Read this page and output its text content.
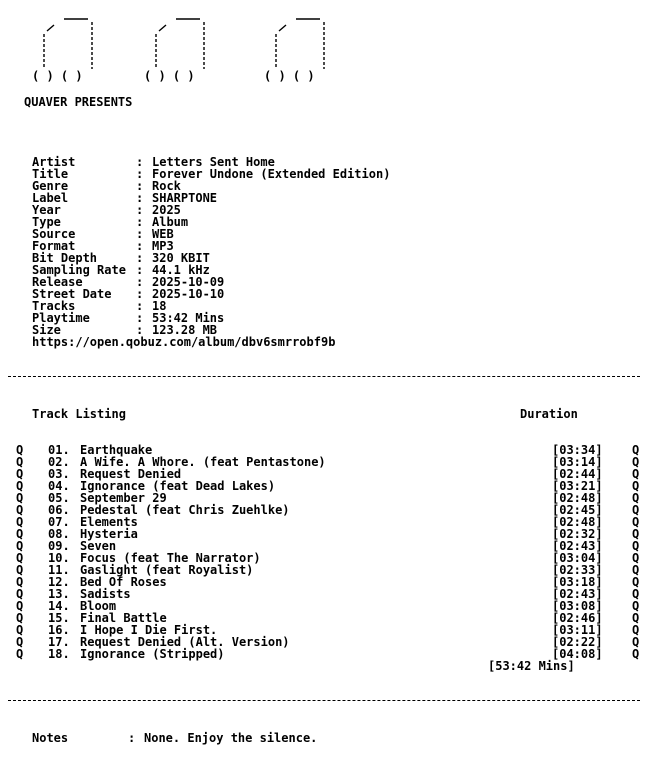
( ) ( )	( ) ( )	( ) ( )
QUAVER PRESENTS

Artist	: Letters Sent Home

Title	: Forever Undone (Extended Edition)

Genre	: Rock

Label	: SHARPTONE

Year	: 2025

Type	: Album

Source	: WEB

Format	: MP3

Bit Depth	: 320 KBIT

Sampling Rate : 44.1 kHz

Release	: 2025-10-09

Street Date : 2025-10-10

Tracks	: 18

Playtime	: 53:42 Mins

Size	: 123.28 MB

https://open.qobuz.com/album/dbv6smrrobf9b
Track Listing	Duration

Q 01. Earthquake	[03:34] Q

Q 02. A Wife. A Whore. (feat Pentastone)	[03:14] Q

Q 03. Request Denied	[02:44] Q

Q 04. Ignorance (feat Dead Lakes)	[03:21] Q

Q 05. September 29	[02:48] Q

Q 06. Pedestal (feat Chris Zuehlke)	[02:45] Q

Q 07. Elements	[02:48] Q

Q 08. Hysteria	[02:32] Q

Q 09. Seven	[02:43] Q

Q 10. Focus (feat The Narrator)	[03:04] Q

Q 11. Gaslight (feat Royalist)	[02:33] Q

Q 12. Bed Of Roses	[03:18] Q

Q 13. Sadists	[02:43] Q

Q 14. Bloom	[03:08] Q

Q 15. Final Battle	[02:46] Q

Q 16. I Hope I Die First.	[03:11] Q

Q 17. Request Denied (Alt. Version)	[02:22] Q

Q 18. Ignorance (Stripped)	[04:08] Q

[53:42 Mins]

Notes	: None. Enjoy the silence.
